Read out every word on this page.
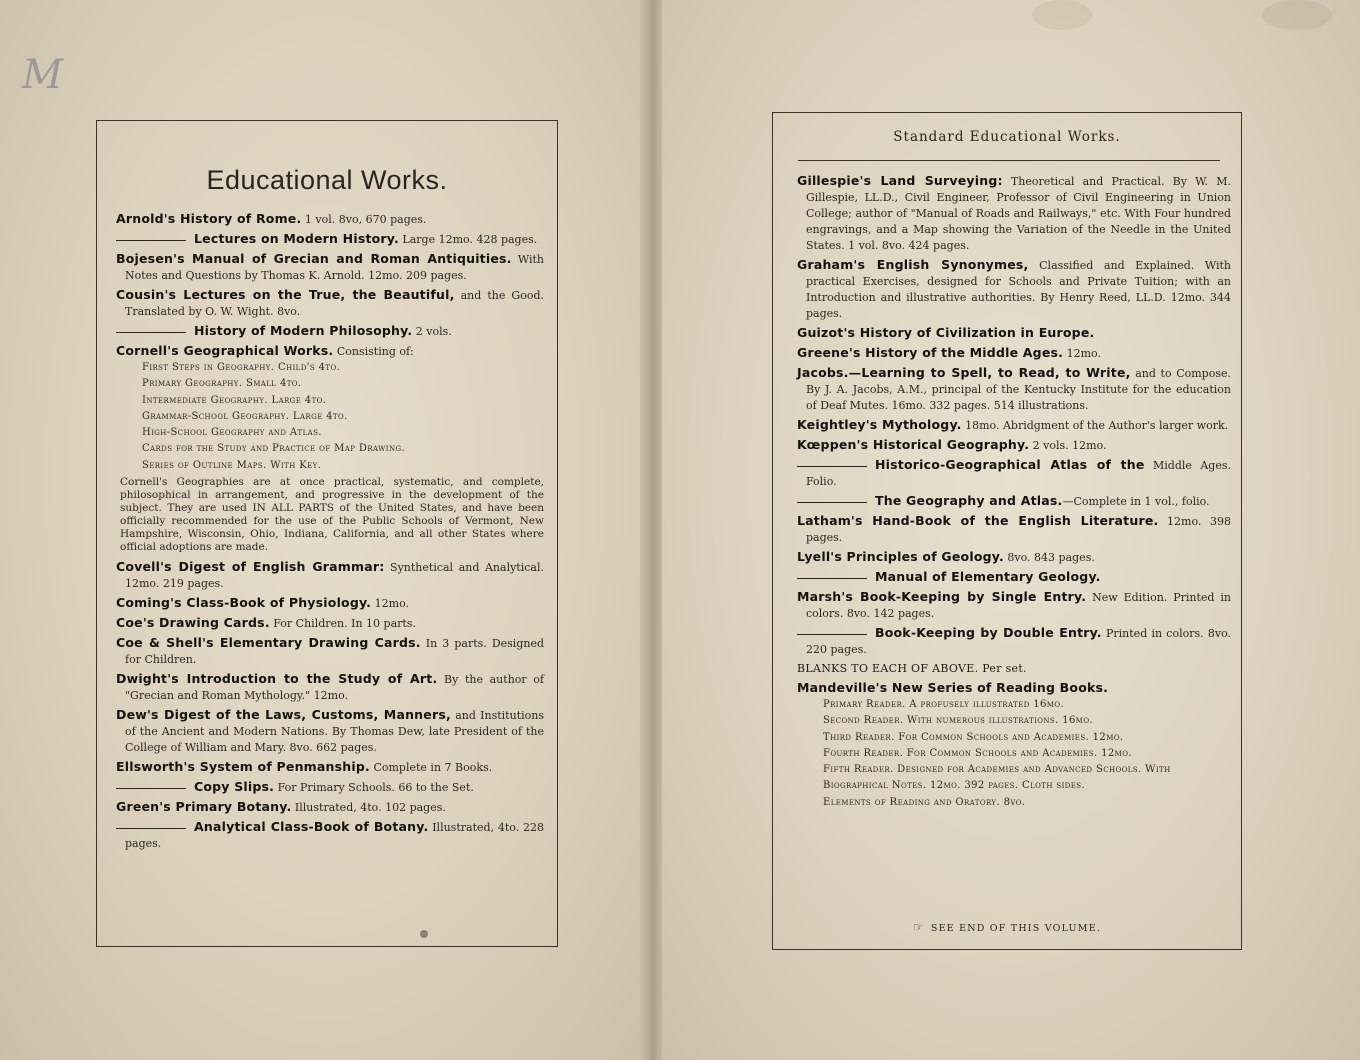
M
Educational Works.
Arnold's History of Rome. 1 vol. 8vo, 670 pages.
Lectures on Modern History. Large 12mo. 428 pages.
Bojesen's Manual of Grecian and Roman Antiquities. With Notes and Questions by Thomas K. Arnold. 12mo. 209 pages.
Cousin's Lectures on the True, the Beautiful, and the Good. Translated by O. W. Wight. 8vo.
History of Modern Philosophy. 2 vols.
Cornell's Geographical Works. Consisting of:
First Steps in Geography. Child's 4to.
Primary Geography. Small 4to.
Intermediate Geography. Large 4to.
Grammar-School Geography. Large 4to.
High-School Geography and Atlas.
Cards for the Study and Practice of Map Drawing.
Series of Outline Maps. With Key.
Cornell's Geographies are at once practical, systematic, and complete, philosophical in arrangement, and progressive in the development of the subject. They are used IN ALL PARTS of the United States, and have been officially recommended for the use of the Public Schools of Vermont, New Hampshire, Wisconsin, Ohio, Indiana, California, and all other States where official adoptions are made.
Covell's Digest of English Grammar: Synthetical and Analytical. 12mo. 219 pages.
Coming's Class-Book of Physiology. 12mo.
Coe's Drawing Cards. For Children. In 10 parts.
Coe & Shell's Elementary Drawing Cards. In 3 parts. Designed for Children.
Dwight's Introduction to the Study of Art. By the author of "Grecian and Roman Mythology." 12mo.
Dew's Digest of the Laws, Customs, Manners, and Institutions of the Ancient and Modern Nations. By Thomas Dew, late President of the College of William and Mary. 8vo. 662 pages.
Ellsworth's System of Penmanship. Complete in 7 Books.
Copy Slips. For Primary Schools. 66 to the Set.
Green's Primary Botany. Illustrated, 4to. 102 pages.
Analytical Class-Book of Botany. Illustrated, 4to. 228 pages.
Standard Educational Works.
Gillespie's Land Surveying: Theoretical and Practical. By W. M. Gillespie, LL.D., Civil Engineer, Professor of Civil Engineering in Union College; author of "Manual of Roads and Railways," etc. With Four hundred engravings, and a Map showing the Variation of the Needle in the United States. 1 vol. 8vo. 424 pages.
Graham's English Synonymes, Classified and Explained. With practical Exercises, designed for Schools and Private Tuition; with an Introduction and illustrative authorities. By Henry Reed, LL.D. 12mo. 344 pages.
Guizot's History of Civilization in Europe.
Greene's History of the Middle Ages. 12mo.
Jacobs.—Learning to Spell, to Read, to Write, and to Compose. By J. A. Jacobs, A.M., principal of the Kentucky Institute for the education of Deaf Mutes. 16mo. 332 pages. 514 illustrations.
Keightley's Mythology. 18mo. Abridgment of the Author's larger work.
Kœppen's Historical Geography. 2 vols. 12mo.
Historico-Geographical Atlas of the Middle Ages. Folio.
The Geography and Atlas.—Complete in 1 vol., folio.
Latham's Hand-Book of the English Literature. 12mo. 398 pages.
Lyell's Principles of Geology. 8vo. 843 pages.
Manual of Elementary Geology.
Marsh's Book-Keeping by Single Entry. New Edition. Printed in colors. 8vo. 142 pages.
Book-Keeping by Double Entry. Printed in colors. 8vo. 220 pages.
BLANKS TO EACH OF ABOVE. Per set.
Mandeville's New Series of Reading Books.
Primary Reader. A profusely illustrated 16mo.
Second Reader. With numerous illustrations. 16mo.
Third Reader. For Common Schools and Academies. 12mo.
Fourth Reader. For Common Schools and Academies. 12mo.
Fifth Reader. Designed for Academies and Advanced Schools. With Biographical Notes. 12mo. 392 pages. Cloth sides.
Elements of Reading and Oratory. 8vo.
☞ SEE END OF THIS VOLUME.
